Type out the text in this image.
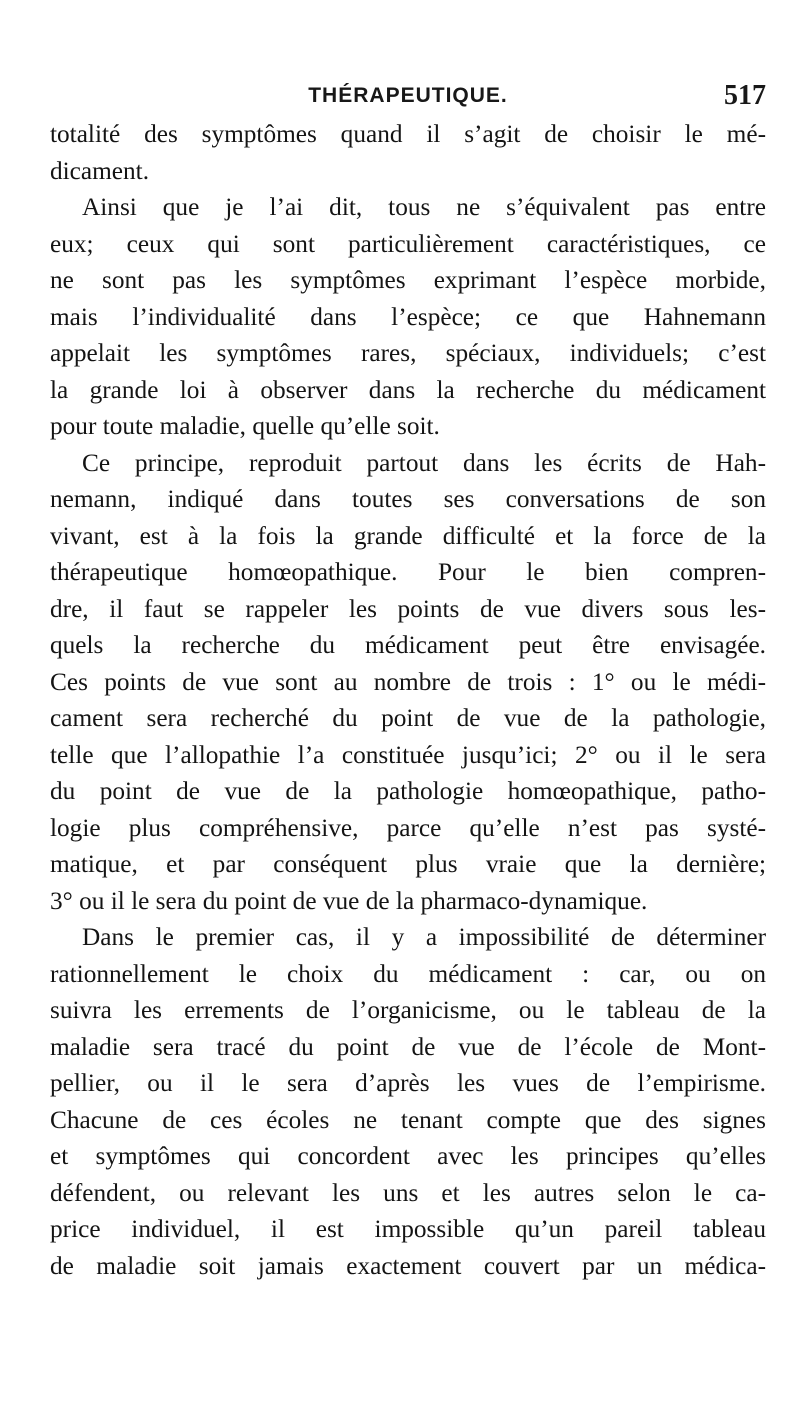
THÉRAPEUTIQUE.	517
totalité des symptômes quand il s’agit de choisir le mé-
dicament.
Ainsi que je l’ai dit, tous ne s’équivalent pas entre
eux; ceux qui sont particulièrement caractéristiques, ce
ne sont pas les symptômes exprimant l’espèce morbide,
mais l’individualité dans l’espèce; ce que Hahnemann
appelait les symptômes rares, spéciaux, individuels; c’est
la grande loi à observer dans la recherche du médicament
pour toute maladie, quelle qu’elle soit.
Ce principe, reproduit partout dans les écrits de Hah-
nemann, indiqué dans toutes ses conversations de son
vivant, est à la fois la grande difficulté et la force de la
thérapeutique homœopathique. Pour le bien compren-
dre, il faut se rappeler les points de vue divers sous les-
quels la recherche du médicament peut être envisagée.
Ces points de vue sont au nombre de trois : 1° ou le médi-
cament sera recherché du point de vue de la pathologie,
telle que l’allopathie l’a constituée jusqu’ici; 2° ou il le sera
du point de vue de la pathologie homœopathique, patho-
logie plus compréhensive, parce qu’elle n’est pas systé-
matique, et par conséquent plus vraie que la dernière;
3° ou il le sera du point de vue de la pharmaco-dynamique.
Dans le premier cas, il y a impossibilité de déterminer
rationnellement le choix du médicament : car, ou on
suivra les errements de l’organicisme, ou le tableau de la
maladie sera tracé du point de vue de l’école de Mont-
pellier, ou il le sera d’après les vues de l’empirisme.
Chacune de ces écoles ne tenant compte que des signes
et symptômes qui concordent avec les principes qu’elles
défendent, ou relevant les uns et les autres selon le ca-
price individuel, il est impossible qu’un pareil tableau
de maladie soit jamais exactement couvert par un médica-
